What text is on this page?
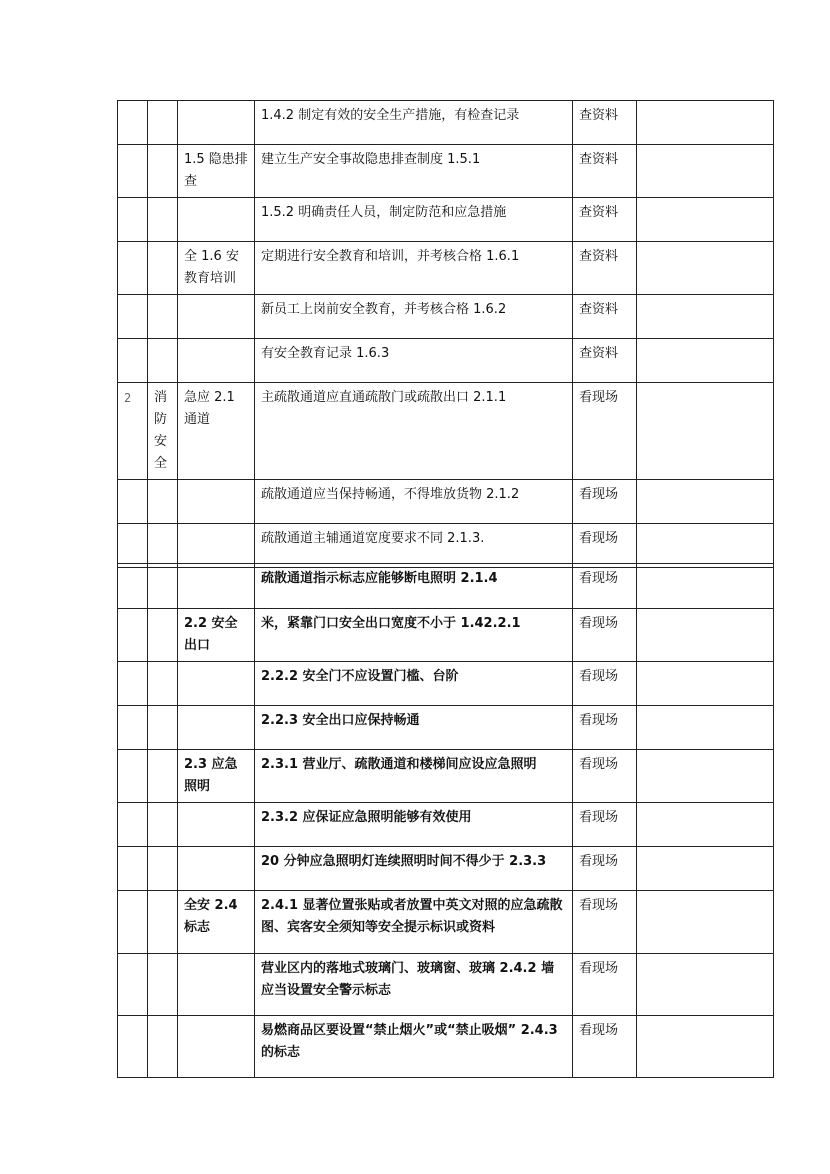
			1.4.2 制定有效的安全生产措施，有检查记录	查资料	
		1.5 隐患排查	建立生产安全事故隐患排查制度 1.5.1	查资料	
			1.5.2 明确责任人员，制定防范和应急措施	查资料	
		全 1.6 安教育培训	定期进行安全教育和培训，并考核合格 1.6.1	查资料	
			新员工上岗前安全教育，并考核合格 1.6.2	查资料	
			有安全教育记录 1.6.3	查资料	
2	消防安全	急应 2.1 通道	主疏散通道应直通疏散门或疏散出口 2.1.1	看现场	
			疏散通道应当保持畅通，不得堆放货物 2.1.2	看现场	
			疏散通道主辅通道宽度要求不同 2.1.3.	看现场	
			疏散通道指示标志应能够断电照明 2.1.4	看现场	
		2.2 安全出口	米，紧靠门口安全出口宽度不小于 1.42.2.1	看现场	
			2.2.2 安全门不应设置门槛、台阶	看现场	
			2.2.3 安全出口应保持畅通	看现场	
		2.3 应急照明	2.3.1 营业厅、疏散通道和楼梯间应设应急照明	看现场	
			2.3.2 应保证应急照明能够有效使用	看现场	
			20 分钟应急照明灯连续照明时间不得少于 2.3.3	看现场	
		全安 2.4 标志	2.4.1 显著位置张贴或者放置中英文对照的应急疏散图、宾客安全须知等安全提示标识或资料	看现场	
			营业区内的落地式玻璃门、玻璃窗、玻璃 2.4.2 墙应当设置安全警示标志	看现场	
			易燃商品区要设置“禁止烟火”或“禁止吸烟” 2.4.3 的标志	看现场	
